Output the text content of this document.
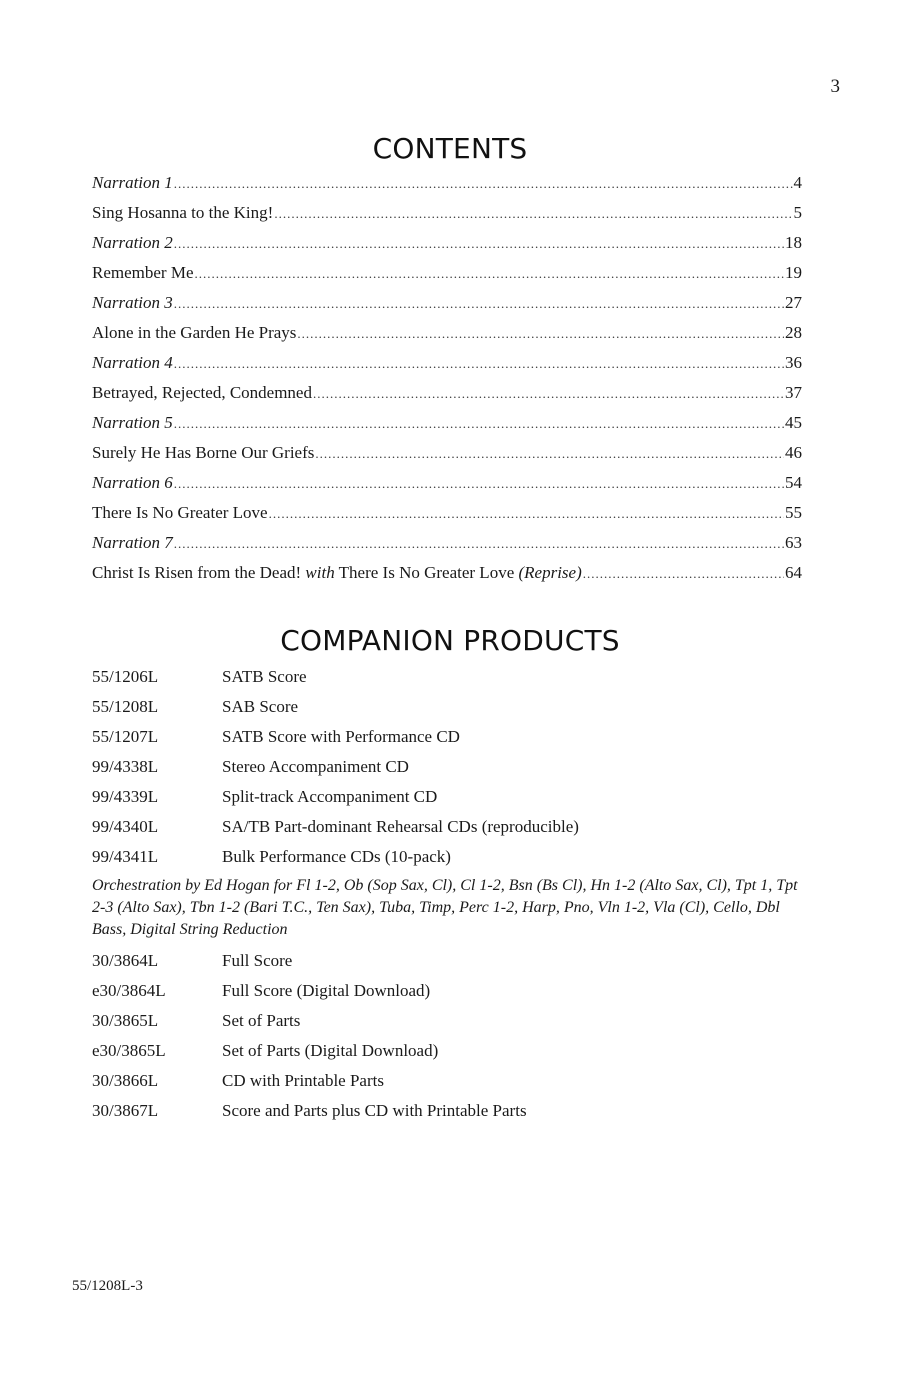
3
CONTENTS
Narration 1 .....	4
Sing Hosanna to the King! .....	5
Narration 2 .....	18
Remember Me .....	19
Narration 3 .....	27
Alone in the Garden He Prays .....	28
Narration 4 .....	36
Betrayed, Rejected, Condemned .....	37
Narration 5 .....	45
Surely He Has Borne Our Griefs .....	46
Narration 6 .....	54
There Is No Greater Love .....	55
Narration 7 .....	63
Christ Is Risen from the Dead! with There Is No Greater Love (Reprise) .....	64
COMPANION PRODUCTS
55/1206L	SATB Score
55/1208L	SAB Score
55/1207L	SATB Score with Performance CD
99/4338L	Stereo Accompaniment CD
99/4339L	Split-track Accompaniment CD
99/4340L	SA/TB Part-dominant Rehearsal CDs (reproducible)
99/4341L	Bulk Performance CDs (10-pack)

Orchestration by Ed Hogan for Fl 1-2, Ob (Sop Sax, Cl), Cl 1-2, Bsn (Bs Cl), Hn 1-2 (Alto Sax, Cl), Tpt 1, Tpt 2-3 (Alto Sax), Tbn 1-2 (Bari T.C., Ten Sax), Tuba, Timp, Perc 1-2, Harp, Pno, Vln 1-2, Vla (Cl), Cello, Dbl Bass, Digital String Reduction

30/3864L	Full Score
e30/3864L	Full Score (Digital Download)
30/3865L	Set of Parts
e30/3865L	Set of Parts (Digital Download)
30/3866L	CD with Printable Parts
30/3867L	Score and Parts plus CD with Printable Parts
55/1208L-3
